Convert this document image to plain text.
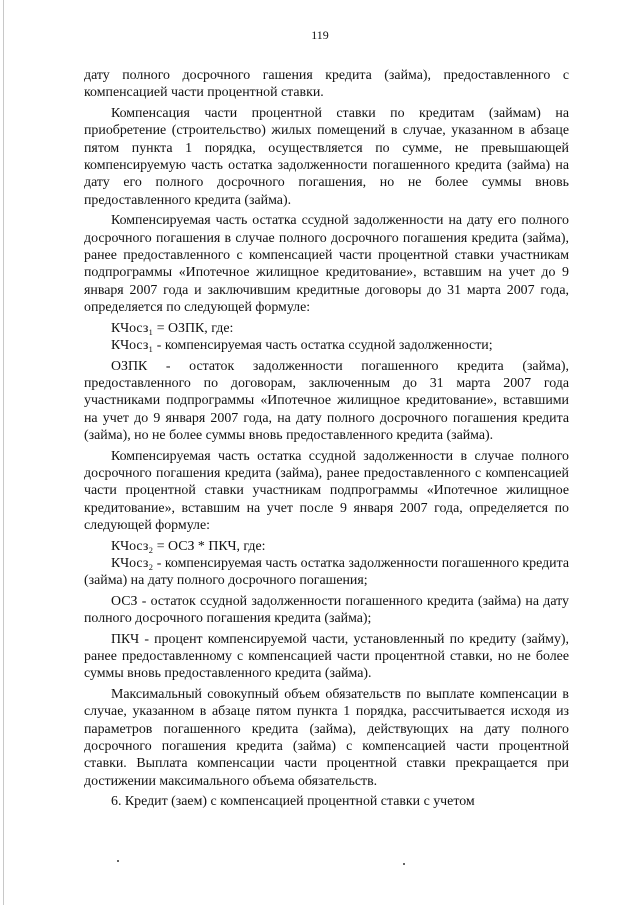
119

дату полного досрочного гашения кредита (займа), предоставленного с компенсацией части процентной ставки.

Компенсация части процентной ставки по кредитам (займам) на приобретение (строительство) жилых помещений в случае, указанном в абзаце пятом пункта 1 порядка, осуществляется по сумме, не превышающей компенсируемую часть остатка задолженности погашенного кредита (займа) на дату его полного досрочного погашения, но не более суммы вновь предоставленного кредита (займа).

Компенсируемая часть остатка ссудной задолженности на дату его полного досрочного погашения в случае полного досрочного погашения кредита (займа), ранее предоставленного с компенсацией части процентной ставки участникам подпрограммы «Ипотечное жилищное кредитование», вставшим на учет до 9 января 2007 года и заключившим кредитные договоры до 31 марта 2007 года, определяется по следующей формуле:

КЧосз₁ = ОЗПК, где:

КЧосз₁ - компенсируемая часть остатка ссудной задолженности;

ОЗПК - остаток задолженности погашенного кредита (займа), предоставленного по договорам, заключенным до 31 марта 2007 года участниками подпрограммы «Ипотечное жилищное кредитование», вставшими на учет до 9 января 2007 года, на дату полного досрочного погашения кредита (займа), но не более суммы вновь предоставленного кредита (займа).

Компенсируемая часть остатка ссудной задолженности в случае полного досрочного погашения кредита (займа), ранее предоставленного с компенсацией части процентной ставки участникам подпрограммы «Ипотечное жилищное кредитование», вставшим на учет после 9 января 2007 года, определяется по следующей формуле:

КЧосз₂ = ОСЗ * ПКЧ, где:

КЧосз₂ - компенсируемая часть остатка задолженности погашенного кредита (займа) на дату полного досрочного погашения;

ОСЗ - остаток ссудной задолженности погашенного кредита (займа) на дату полного досрочного погашения кредита (займа);

ПКЧ - процент компенсируемой части, установленный по кредиту (займу), ранее предоставленному с компенсацией части процентной ставки, но не более суммы вновь предоставленного кредита (займа).

Максимальный совокупный объем обязательств по выплате компенсации в случае, указанном в абзаце пятом пункта 1 порядка, рассчитывается исходя из параметров погашенного кредита (займа), действующих на дату полного досрочного погашения кредита (займа) с компенсацией части процентной ставки. Выплата компенсации части процентной ставки прекращается при достижении максимального объема обязательств.

6. Кредит (заем) с компенсацией процентной ставки с учетом
